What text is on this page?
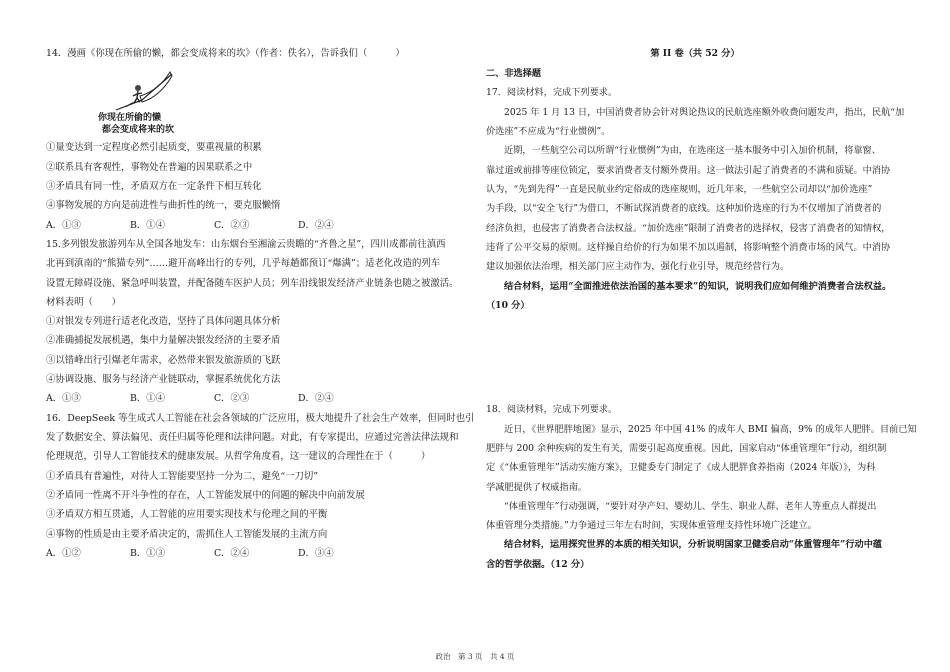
14．漫画《你现在所偷的懒，都会变成将来的坎》（作者：佚名），告诉我们（　　　）
你现在所偷的懒
都会变成将来的坎
①量变达到一定程度必然引起质变，要重视量的积累
②联系具有客观性，事物处在普遍的因果联系之中
③矛盾具有同一性，矛盾双方在一定条件下相互转化
④事物发展的方向是前进性与曲折性的统一，要克服懒惰
A．①③	B．①④	C．②③	D．②④
15.多列银发旅游列车从全国各地发车：山东烟台至湘渝云贵瞻的“齐鲁之星”，四川成都前往滇西
北再到滇南的“熊猫专列”……避开高峰出行的专列，几乎每趟都预订“爆满”；适老化改造的列车
设置无障碍设施、紧急呼叫装置，并配备随车医护人员；列车沿线银发经济产业链条也随之被激活。
材料表明（　　）
①对银发专列进行适老化改造，坚持了具体问题具体分析
②准确捕捉发展机遇，集中力量解决银发经济的主要矛盾
③以错峰出行引爆老年需求，必然带来银发旅游质的飞跃
④协调设施、服务与经济产业链联动，掌握系统优化方法
A．①③	B．①④	C．②③	D．②④
16．DeepSeek 等生成式人工智能在社会各领域的广泛应用，极大地提升了社会生产效率，但同时也引
发了数据安全、算法偏见、责任归属等伦理和法律问题。对此，有专家提出，应通过完善法律法规和
伦理规范，引导人工智能技术的健康发展。从哲学角度看，这一建议的合理性在于（　　　）
①矛盾具有普遍性，对待人工智能要坚持一分为二，避免“一刀切”
②矛盾同一性离不开斗争性的存在，人工智能发展中的问题的解决中向前发展
③矛盾双方相互贯通，人工智能的应用要实现技术与伦理之间的平衡
④事物的性质是由主要矛盾决定的，需抓住人工智能发展的主流方向
A．①②	B．①③	C．②④	D．③④
第 II 卷（共 52 分）
二、非选择题
17．阅读材料，完成下列要求。
2025 年 1 月 13 日，中国消费者协会针对舆论热议的民航选座额外收费问题发声，指出，民航“加
价选座”不应成为“行业惯例”。
近期，一些航空公司以所谓“行业惯例”为由，在选座这一基本服务中引入加价机制，将靠窗、
靠过道或前排等座位锁定，要求消费者支付额外费用。这一做法引起了消费者的不满和质疑。中消协
认为，“先到先得”一直是民航业约定俗成的选座规则，近几年来，一些航空公司却以“加价选座”
为手段，以“安全飞行”为借口，不断试探消费者的底线。这种加价选座的行为不仅增加了消费者的
经济负担，也侵害了消费者合法权益。“加价选座”限制了消费者的选择权，侵害了消费者的知情权，
违背了公平交易的原则。这样操自给价的行为如果不加以遏制，将影响整个消费市场的风气。中消协
建议加强依法治理，相关部门应主动作为，强化行业引导，规范经营行为。
结合材料，运用“全面推进依法治国的基本要求”的知识，说明我们应如何维护消费者合法权益。
（10 分）
18．阅读材料，完成下列要求。
近日，《世界肥胖地图》显示，2025 年中国 41% 的成年人 BMI 偏高，9% 的成年人肥胖。目前已知
肥胖与 200 余种疾病的发生有关，需要引起高度重视。因此，国家启动“体重管理年”行动，组织制
定《“体重管理年”活动实施方案》，卫健委专门制定了《成人肥胖食养指南（2024 年版）》，为科
学减肥提供了权威指南。
“体重管理年”行动强调，“要针对孕产妇、婴幼儿、学生、职业人群、老年人等重点人群提出
体重管理分类措施。”力争通过三年左右时间，实现体重管理支持性环境广泛建立。
结合材料，运用探究世界的本质的相关知识，分析说明国家卫健委启动“体重管理年”行动中蕴
含的哲学依据。（12 分）
政治　第 3 页　共 4 页
